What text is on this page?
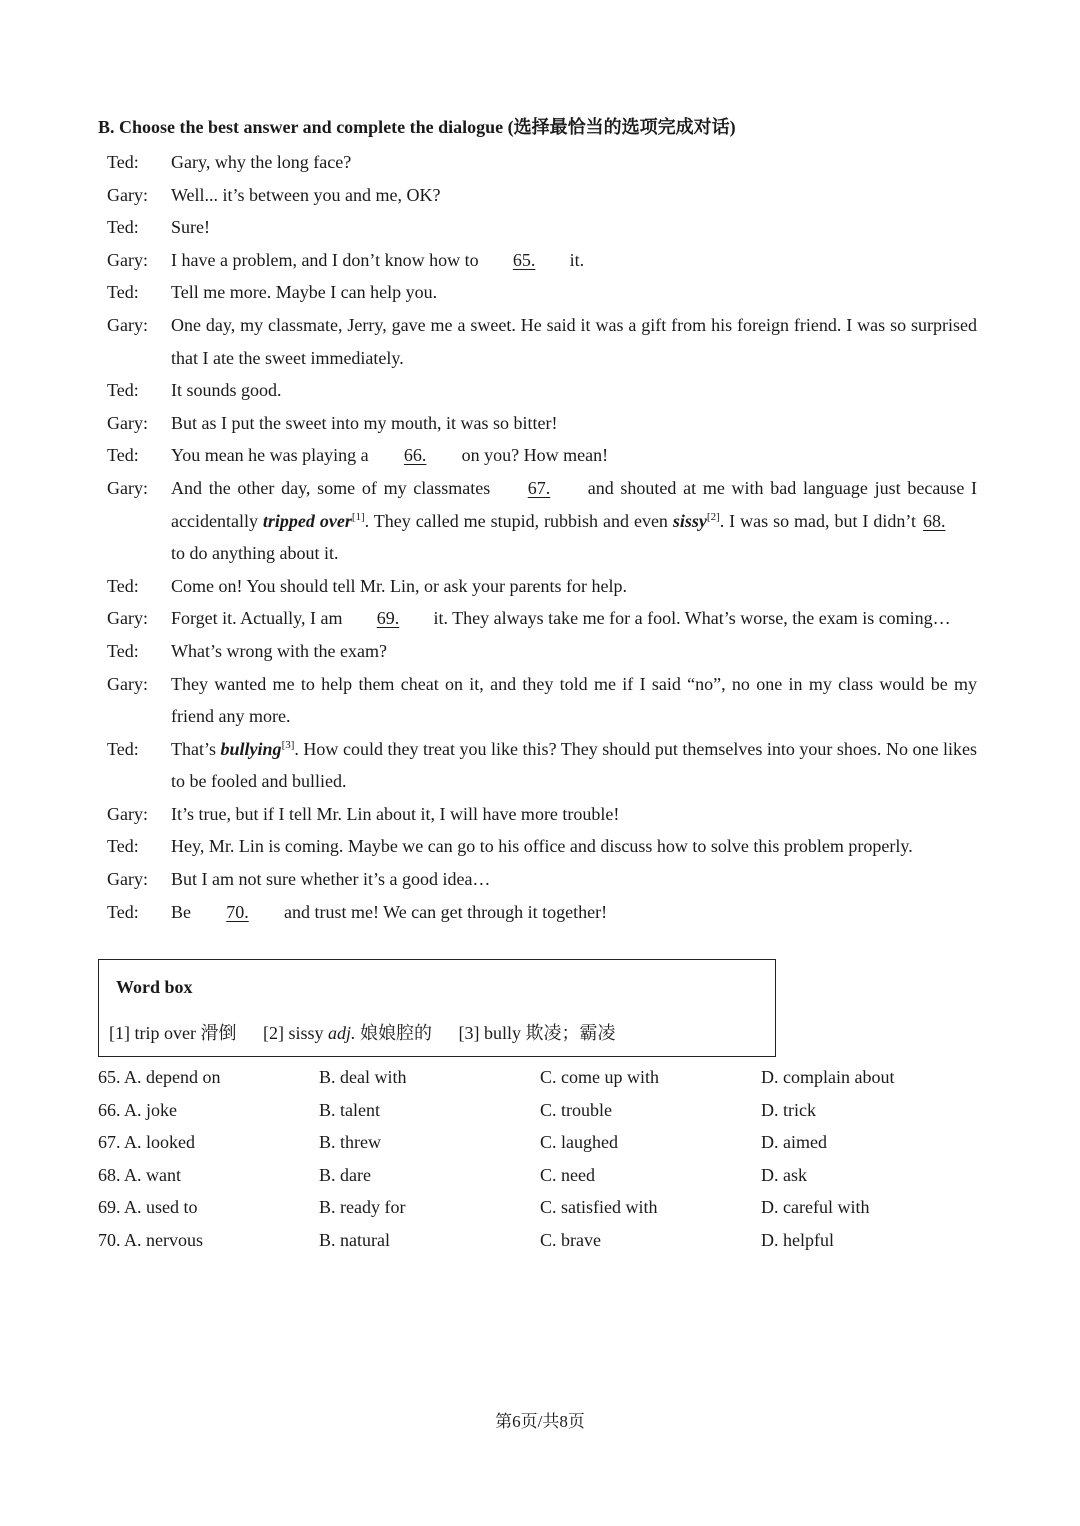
B. Choose the best answer and complete the dialogue (选择最恰当的选项完成对话)
Ted:	Gary, why the long face?
Gary:	Well... it’s between you and me, OK?
Ted:	Sure!
Gary:	I have a problem, and I don’t know how to 65. it.
Ted:	Tell me more. Maybe I can help you.
Gary:	One day, my classmate, Jerry, gave me a sweet. He said it was a gift from his foreign friend. I was so surprised that I ate the sweet immediately.
Ted:	It sounds good.
Gary:	But as I put the sweet into my mouth, it was so bitter!
Ted:	You mean he was playing a 66. on you? How mean!
Gary:	And the other day, some of my classmates 67. and shouted at me with bad language just because I accidentally tripped over[1]. They called me stupid, rubbish and even sissy[2]. I was so mad, but I didn’t 68. to do anything about it.
Ted:	Come on! You should tell Mr. Lin, or ask your parents for help.
Gary:	Forget it. Actually, I am 69. it. They always take me for a fool. What’s worse, the exam is coming…
Ted:	What’s wrong with the exam?
Gary:	They wanted me to help them cheat on it, and they told me if I said “no”, no one in my class would be my friend any more.
Ted:	That’s bullying[3]. How could they treat you like this? They should put themselves into your shoes. No one likes to be fooled and bullied.
Gary:	It’s true, but if I tell Mr. Lin about it, I will have more trouble!
Ted:	Hey, Mr. Lin is coming. Maybe we can go to his office and discuss how to solve this problem properly.
Gary:	But I am not sure whether it’s a good idea…
Ted:	Be 70. and trust me! We can get through it together!
Word box
[1] trip over 滑倒 [2] sissy adj. 娘娘腔的 [3] bully 欺凌；霸凌
65. A. depend on	B. deal with	C. come up with	D. complain about
66. A. joke	B. talent	C. trouble	D. trick
67. A. looked	B. threw	C. laughed	D. aimed
68. A. want	B. dare	C. need	D. ask
69. A. used to	B. ready for	C. satisfied with	D. careful with
70. A. nervous	B. natural	C. brave	D. helpful
第6页/共8页
